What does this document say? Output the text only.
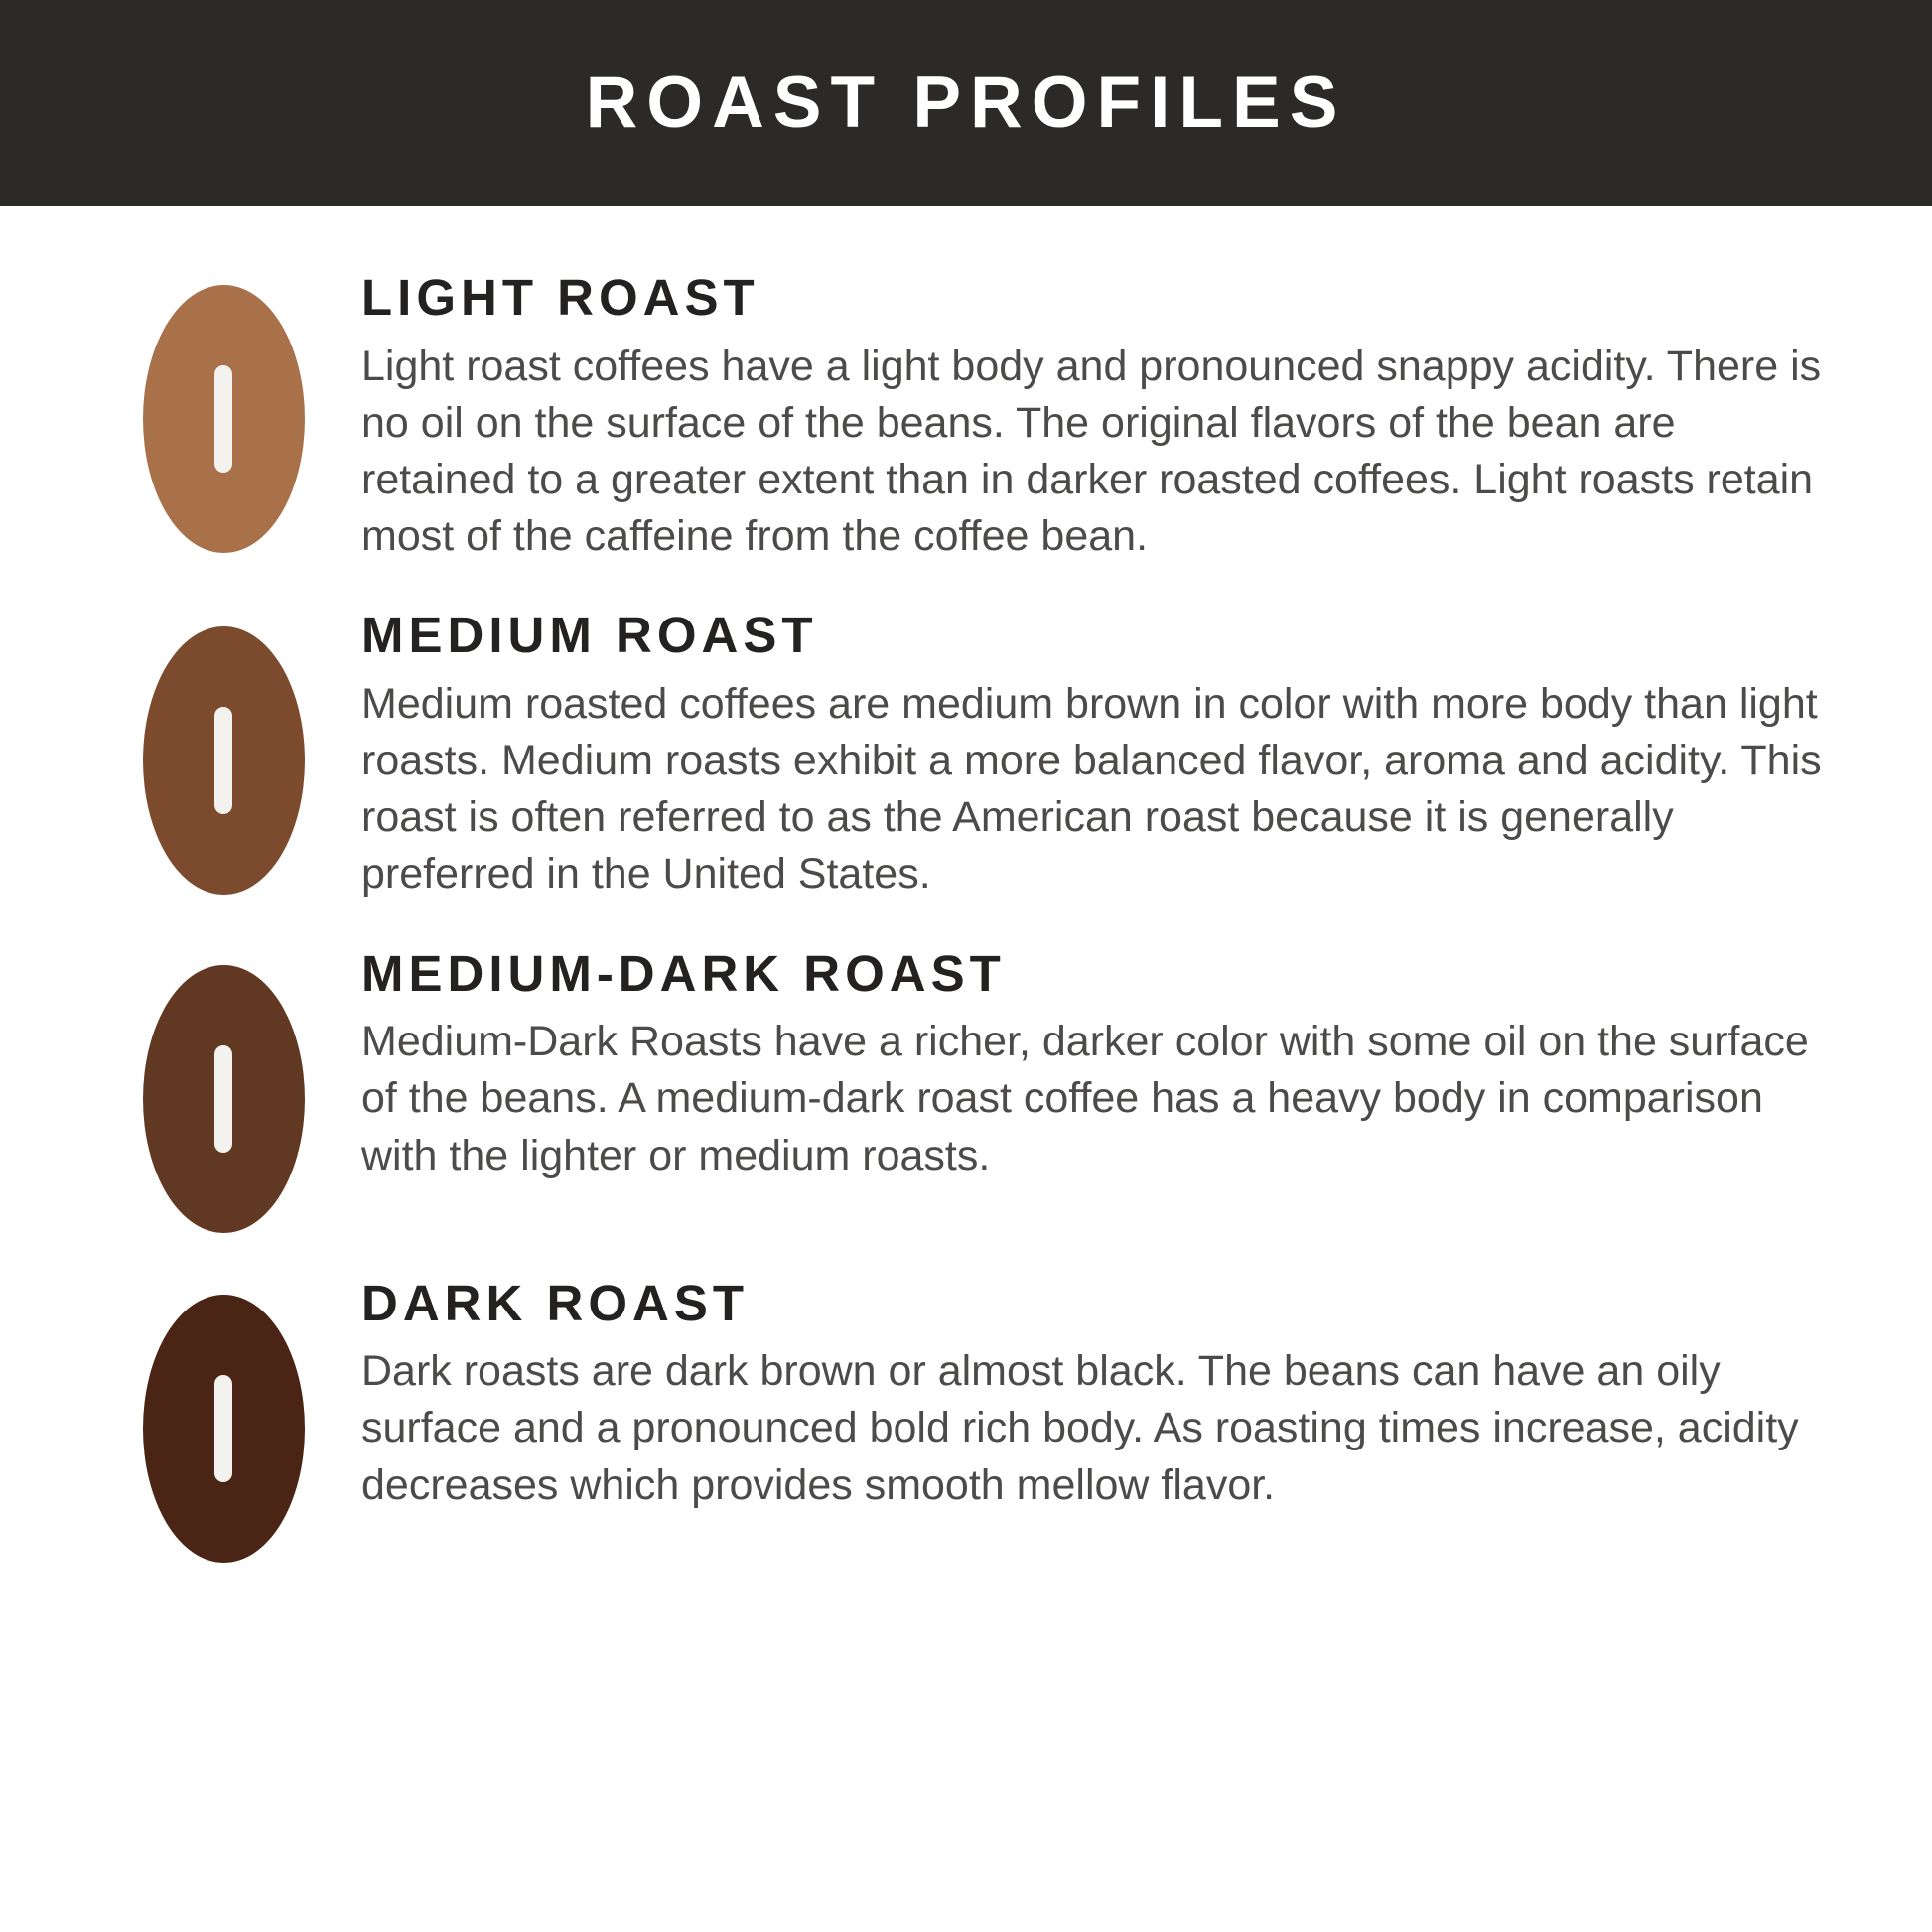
ROAST PROFILES
LIGHT ROAST

Light roast coffees have a light body and pronounced snappy acidity. There is no oil on the surface of the beans. The original flavors of the bean are retained to a greater extent than in darker roasted coffees. Light roasts retain most of the caffeine from the coffee bean.

MEDIUM ROAST

Medium roasted coffees are medium brown in color with more body than light roasts. Medium roasts exhibit a more balanced flavor, aroma and acidity. This roast is often referred to as the American roast because it is generally preferred in the United States.

MEDIUM-DARK ROAST

Medium-Dark Roasts have a richer, darker color with some oil on the surface of the beans. A medium-dark roast coffee has a heavy body in comparison with the lighter or medium roasts.

DARK ROAST

Dark roasts are dark brown or almost black. The beans can have an oily surface and a pronounced bold rich body. As roasting times increase, acidity decreases which provides smooth mellow flavor.
